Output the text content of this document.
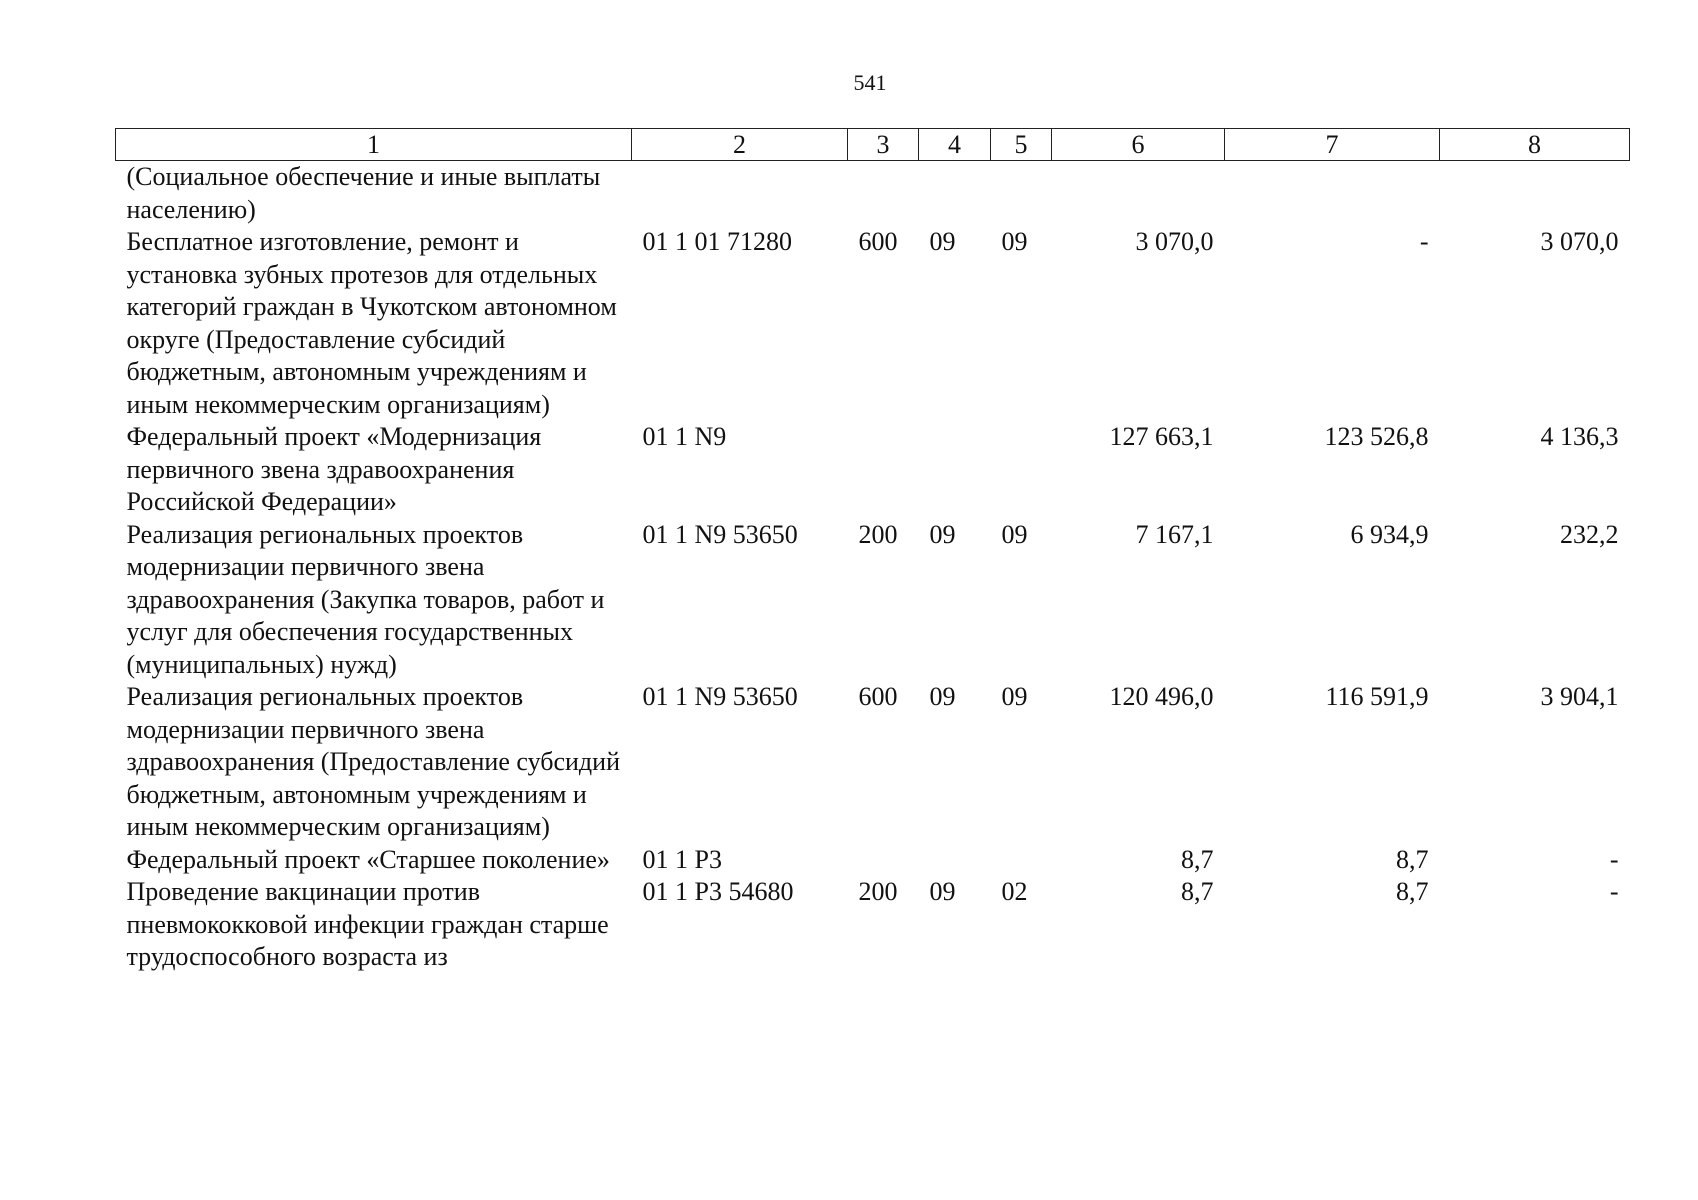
541
1	2	3	4	5	6	7	8
(Социальное обеспечение и иные выплаты населению)							
Бесплатное изготовление, ремонт и установка зубных протезов для отдельных категорий граждан в Чукотском автономном округе (Предоставление субсидий бюджетным, автономным учреждениям и иным некоммерческим организациям)	01 1 01 71280	600	09	09	3 070,0	-	3 070,0
Федеральный проект «Модернизация первичного звена здравоохранения Российской Федерации»	01 1 N9				127 663,1	123 526,8	4 136,3
Реализация региональных проектов модернизации первичного звена здравоохранения (Закупка товаров, работ и услуг для обеспечения государственных (муниципальных) нужд)	01 1 N9 53650	200	09	09	7 167,1	6 934,9	232,2
Реализация региональных проектов модернизации первичного звена здравоохранения (Предоставление субсидий бюджетным, автономным учреждениям и иным некоммерческим организациям)	01 1 N9 53650	600	09	09	120 496,0	116 591,9	3 904,1
Федеральный проект «Старшее поколение»	01 1 P3				8,7	8,7	-
Проведение вакцинации против пневмококковой инфекции граждан старше трудоспособного возраста из	01 1 P3 54680	200	09	02	8,7	8,7	-
